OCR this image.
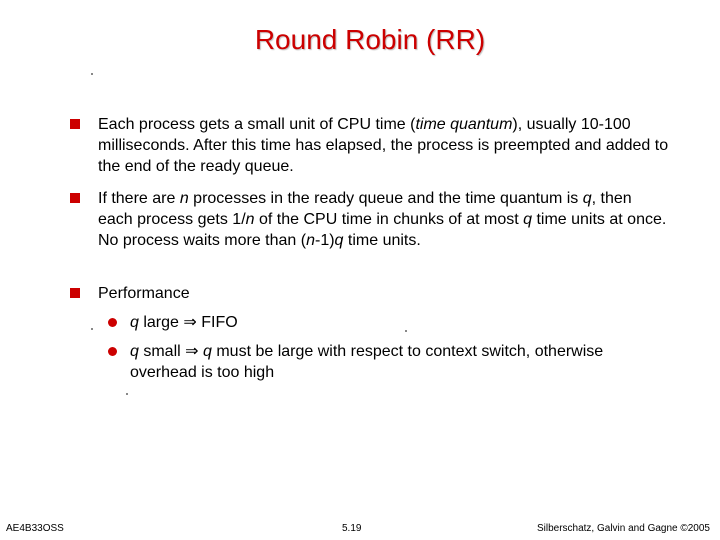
Round Robin (RR)
Each process gets a small unit of CPU time (time quantum), usually 10-100 milliseconds. After this time has elapsed, the process is preempted and added to the end of the ready queue.
If there are n processes in the ready queue and the time quantum is q, then each process gets 1/n of the CPU time in chunks of at most q time units at once. No process waits more than (n-1)q time units.
Performance
q large ⇒ FIFO
q small ⇒ q must be large with respect to context switch, otherwise overhead is too high
AE4B33OSS	5.19	Silberschatz, Galvin and Gagne ©2005
